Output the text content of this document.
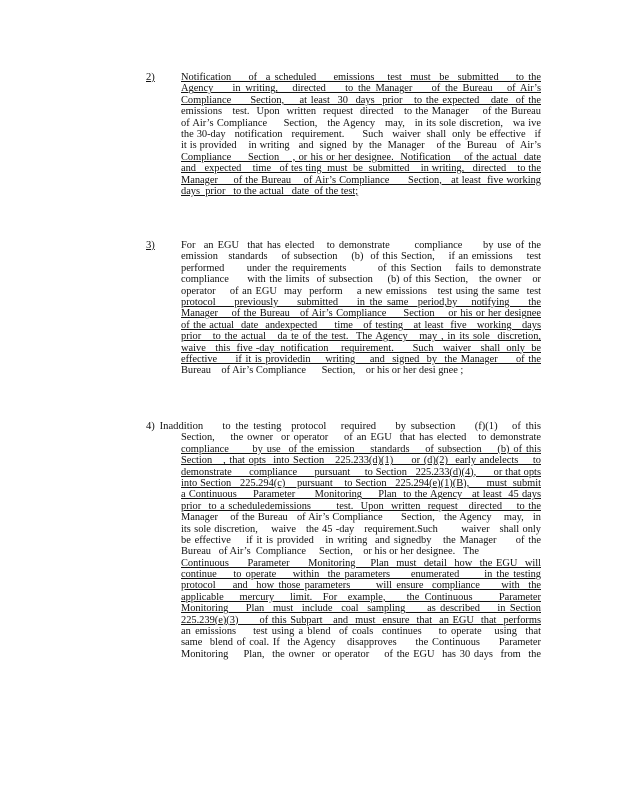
2)	Notification    of  a scheduled    emissions   test  must  be  submitted    to the
Agency    in writing,   directed    to the Manager    of the Bureau   of Air’s
Compliance     Section,    at least  30  days  prior   to the expected   date  of the
emissions   test.  Upon  written  request  directed   to the Manager    of the Bureau
of Air’s Compliance     Section,   the Agency   may,   in its sole discretion,   wa ive
the 30-day   notification   requirement.      Such   waiver  shall  only  be effective   if
it is provided    in writing   and  signed  by  the  Manager    of the  Bureau   of  Air’s
Compliance     Section    , or his or her designee.  Notification    of the actual  date
and   expected    time   of tes ting  must  be  submitted    in writing,   directed    to the
Manager     of the Bureau    of Air’s Compliance      Section,   at least  five working
days  prior   to the actual   date  of the test;
3)	For  an EGU  that has elected   to demonstrate      compliance     by use of the
emission   standards    of subsection    (b)  of this Section,    if an emissions    test
performed     under the requirements       of this Section   fails to demonstrate
compliance     with the limits  of subsection    (b) of this Section,   the owner   or
operator    of an EGU  may  perform    a new emissions   test using the same  test
protocol    previously    submitted    in the same  period,by   notifying    the
Manager    of the Bureau   of Air’s Compliance     Section    or his or her designee
of the actual  date  andexpected     time   of testing   at least  five   working   days
prior   to the actual   da te of the test.  The Agency   may , in its sole  discretion,
waive   this  five -day  notification    requirement.      Such   waiver   shall  only  be
effective     if it is providedin    writing    and  signed  by  the Manager     of the
Bureau    of Air’s Compliance      Section,    or his or her desi gnee ;
4) Inaddition    to the testing  protocol   required    by subsection    (f)(1)   of this
Section,    the owner  or operator    of an EGU  that has elected   to demonstrate
compliance      by use  of the emission    standards    of subsection    (b) of this
Section   , that opts  into Section   225.233(d)(1)     or (d)(2)  early andelects    to
demonstrate      compliance      pursuant     to Section   225.233(d)(4),      or that opts
into Section   225.294(c)    pursuant    to Section   225.294(e)(1)(B),      must  submit
a Continuous     Parameter      Monitoring     Plan  to the Agency   at least  45 days
prior  to a scheduledemissions       test.  Upon  written  request   directed    to the
Manager    of the Bureau   of Air’s Compliance      Section,   the Agency    may,   in
its sole discretion,    waive   the 45 -day   requirement.Such       waiver   shall only
be effective    if it is provided   in writing  and signedby   the Manager     of the
Bureau   of Air’s  Compliance     Section,    or his or her designee.   The
Continuous     Parameter     Monitoring    Plan  must  detail  how  the EGU  will
continue    to operate    within  the parameters     enumerated      in the testing
protocol    and  how those parameters      will ensure  compliance     with  the
applicable   mercury   limit.  For  example,    the Continuous     Parameter
Monitoring    Plan  must  include  coal  sampling     as described    in Section
225.239(e)(3)      of this Subpart   and  must  ensure  that  an EGU  that  performs
an emissions    test using a blend  of coals  continues    to operate   using  that
same  blend of coal. If  the Agency   disapproves     the Continuous     Parameter
Monitoring    Plan,  the owner  or operator    of the EGU  has 30 days  from  the
